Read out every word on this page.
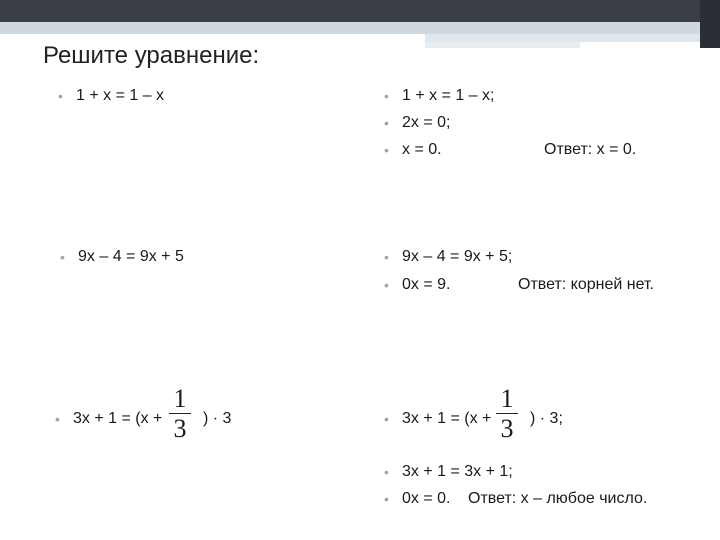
Решите уравнение:
• 1 + x = 1 – x	• 1 + x = 1 – x;
• 2x = 0;
• x = 0.	Ответ: x = 0.
• 9x – 4 = 9x + 5	• 9x – 4 = 9x + 5;
• 0x = 9.	Ответ: корней нет.
• 3x + 1 = (x +
1
3	) · 3	• 3x + 1 = (x +
1
3	) · 3;
• 3x + 1 = 3x + 1;
• 0x = 0. Ответ: x – любое число.
